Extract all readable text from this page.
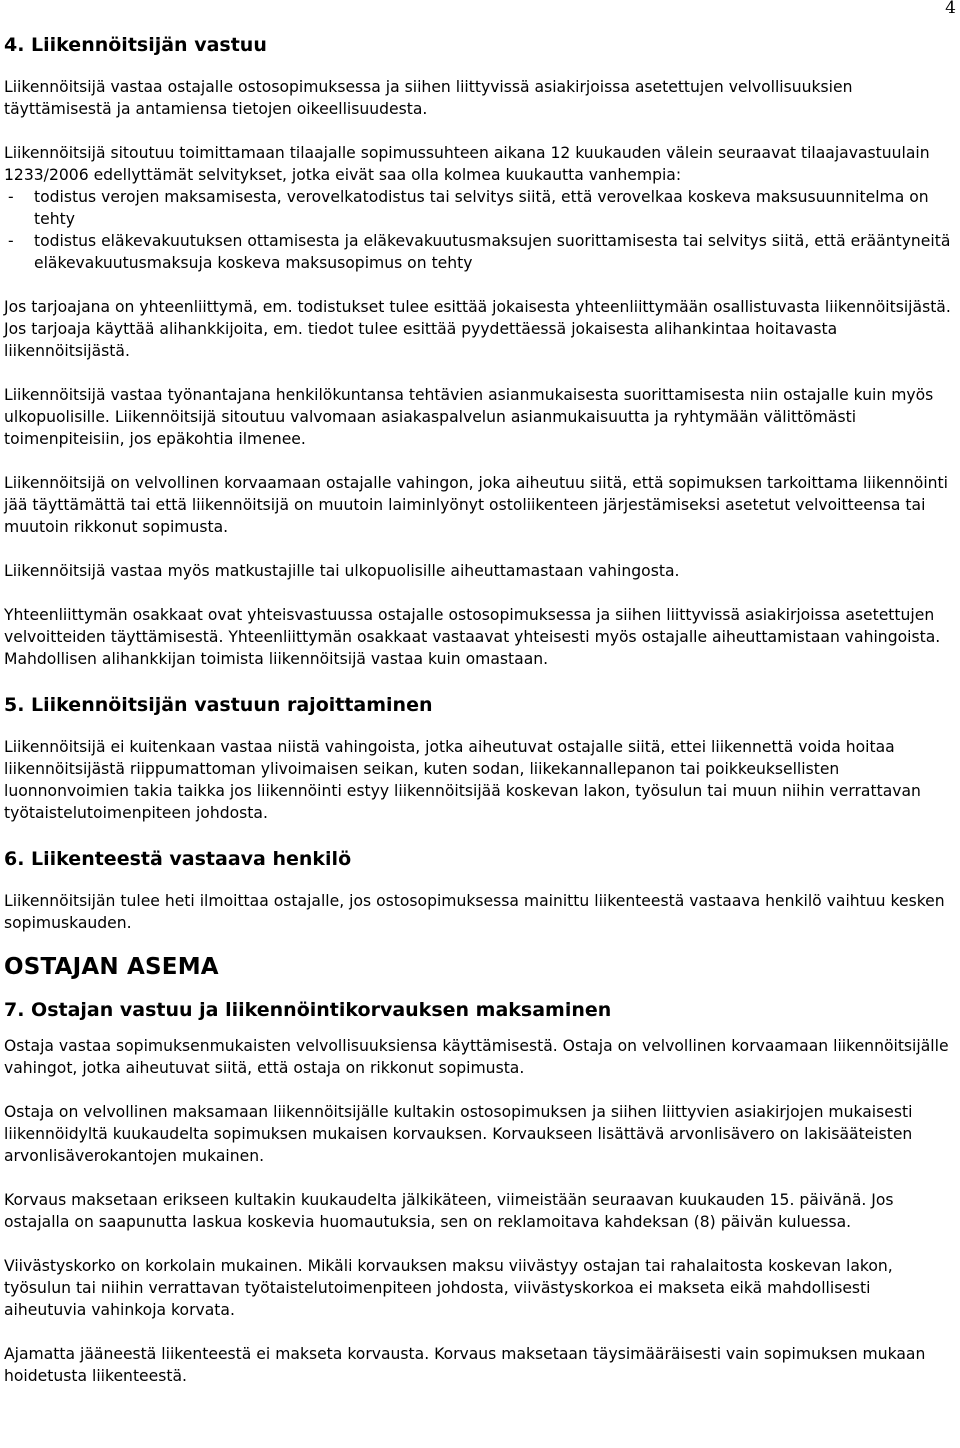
4
4. Liikennöitsijän vastuu

Liikennöitsijä vastaa ostajalle ostosopimuksessa ja siihen liittyvissä asiakirjoissa asetettujen velvollisuuksien täyttämisestä ja antamiensa tietojen oikeellisuudesta.

Liikennöitsijä sitoutuu toimittamaan tilaajalle sopimussuhteen aikana 12 kuukauden välein seuraavat tilaajavastuulain 1233/2006 edellyttämät selvitykset, jotka eivät saa olla kolmea kuukautta vanhempia:

- todistus verojen maksamisesta, verovelkatodistus tai selvitys siitä, että verovelkaa koskeva maksusuunnitelma on tehty
- todistus eläkevakuutuksen ottamisesta ja eläkevakuutusmaksujen suorittamisesta tai selvitys siitä, että erääntyneitä eläkevakuutusmaksuja koskeva maksusopimus on tehty

Jos tarjoajana on yhteenliittymä, em. todistukset tulee esittää jokaisesta yhteenliittymään osallistuvasta liikennöitsijästä. Jos tarjoaja käyttää alihankkijoita, em. tiedot tulee esittää pyydettäessä jokaisesta alihankintaa hoitavasta liikennöitsijästä.

Liikennöitsijä vastaa työnantajana henkilökuntansa tehtävien asianmukaisesta suorittamisesta niin ostajalle kuin myös ulkopuolisille. Liikennöitsijä sitoutuu valvomaan asiakaspalvelun asianmukaisuutta ja ryhtymään välittömästi toimenpiteisiin, jos epäkohtia ilmenee.

Liikennöitsijä on velvollinen korvaamaan ostajalle vahingon, joka aiheutuu siitä, että sopimuksen tarkoittama liikennöinti jää täyttämättä tai että liikennöitsijä on muutoin laiminlyönyt ostoliikenteen järjestämiseksi asetetut velvoitteensa tai muutoin rikkonut sopimusta.

Liikennöitsijä vastaa myös matkustajille tai ulkopuolisille aiheuttamastaan vahingosta.

Yhteenliittymän osakkaat ovat yhteisvastuussa ostajalle ostosopimuksessa ja siihen liittyvissä asiakirjoissa asetettujen velvoitteiden täyttämisestä. Yhteenliittymän osakkaat vastaavat yhteisesti myös ostajalle aiheuttamistaan vahingoista. Mahdollisen alihankkijan toimista liikennöitsijä vastaa kuin omastaan.

5. Liikennöitsijän vastuun rajoittaminen

Liikennöitsijä ei kuitenkaan vastaa niistä vahingoista, jotka aiheutuvat ostajalle siitä, ettei liikennettä voida hoitaa liikennöitsijästä riippumattoman ylivoimaisen seikan, kuten sodan, liikekannallepanon tai poikkeuksellisten luonnonvoimien takia taikka jos liikennöinti estyy liikennöitsijää koskevan lakon, työsulun tai muun niihin verrattavan työtaistelutoimenpiteen johdosta.

6. Liikenteestä vastaava henkilö

Liikennöitsijän tulee heti ilmoittaa ostajalle, jos ostosopimuksessa mainittu liikenteestä vastaava henkilö vaihtuu kesken sopimuskauden.

OSTAJAN ASEMA
7. Ostajan vastuu ja liikennöintikorvauksen maksaminen

Ostaja vastaa sopimuksenmukaisten velvollisuuksiensa käyttämisestä. Ostaja on velvollinen korvaamaan liikennöitsijälle vahingot, jotka aiheutuvat siitä, että ostaja on rikkonut sopimusta.

Ostaja on velvollinen maksamaan liikennöitsijälle kultakin ostosopimuksen ja siihen liittyvien asiakirjojen mukaisesti liikennöidyltä kuukaudelta sopimuksen mukaisen korvauksen. Korvaukseen lisättävä arvonlisävero on lakisääteisten arvonlisäverokantojen mukainen.

Korvaus maksetaan erikseen kultakin kuukaudelta jälkikäteen, viimeistään seuraavan kuukauden 15. päivänä. Jos ostajalla on saapunutta laskua koskevia huomautuksia, sen on reklamoitava kahdeksan (8) päivän kuluessa.

Viivästyskorko on korkolain mukainen. Mikäli korvauksen maksu viivästyy ostajan tai rahalaitosta koskevan lakon, työsulun tai niihin verrattavan työtaistelutoimenpiteen johdosta, viivästyskorkoa ei makseta eikä mahdollisesti aiheutuvia vahinkoja korvata.

Ajamatta jääneestä liikenteestä ei makseta korvausta. Korvaus maksetaan täysimääräisesti vain sopimuksen mukaan hoidetusta liikenteestä.
